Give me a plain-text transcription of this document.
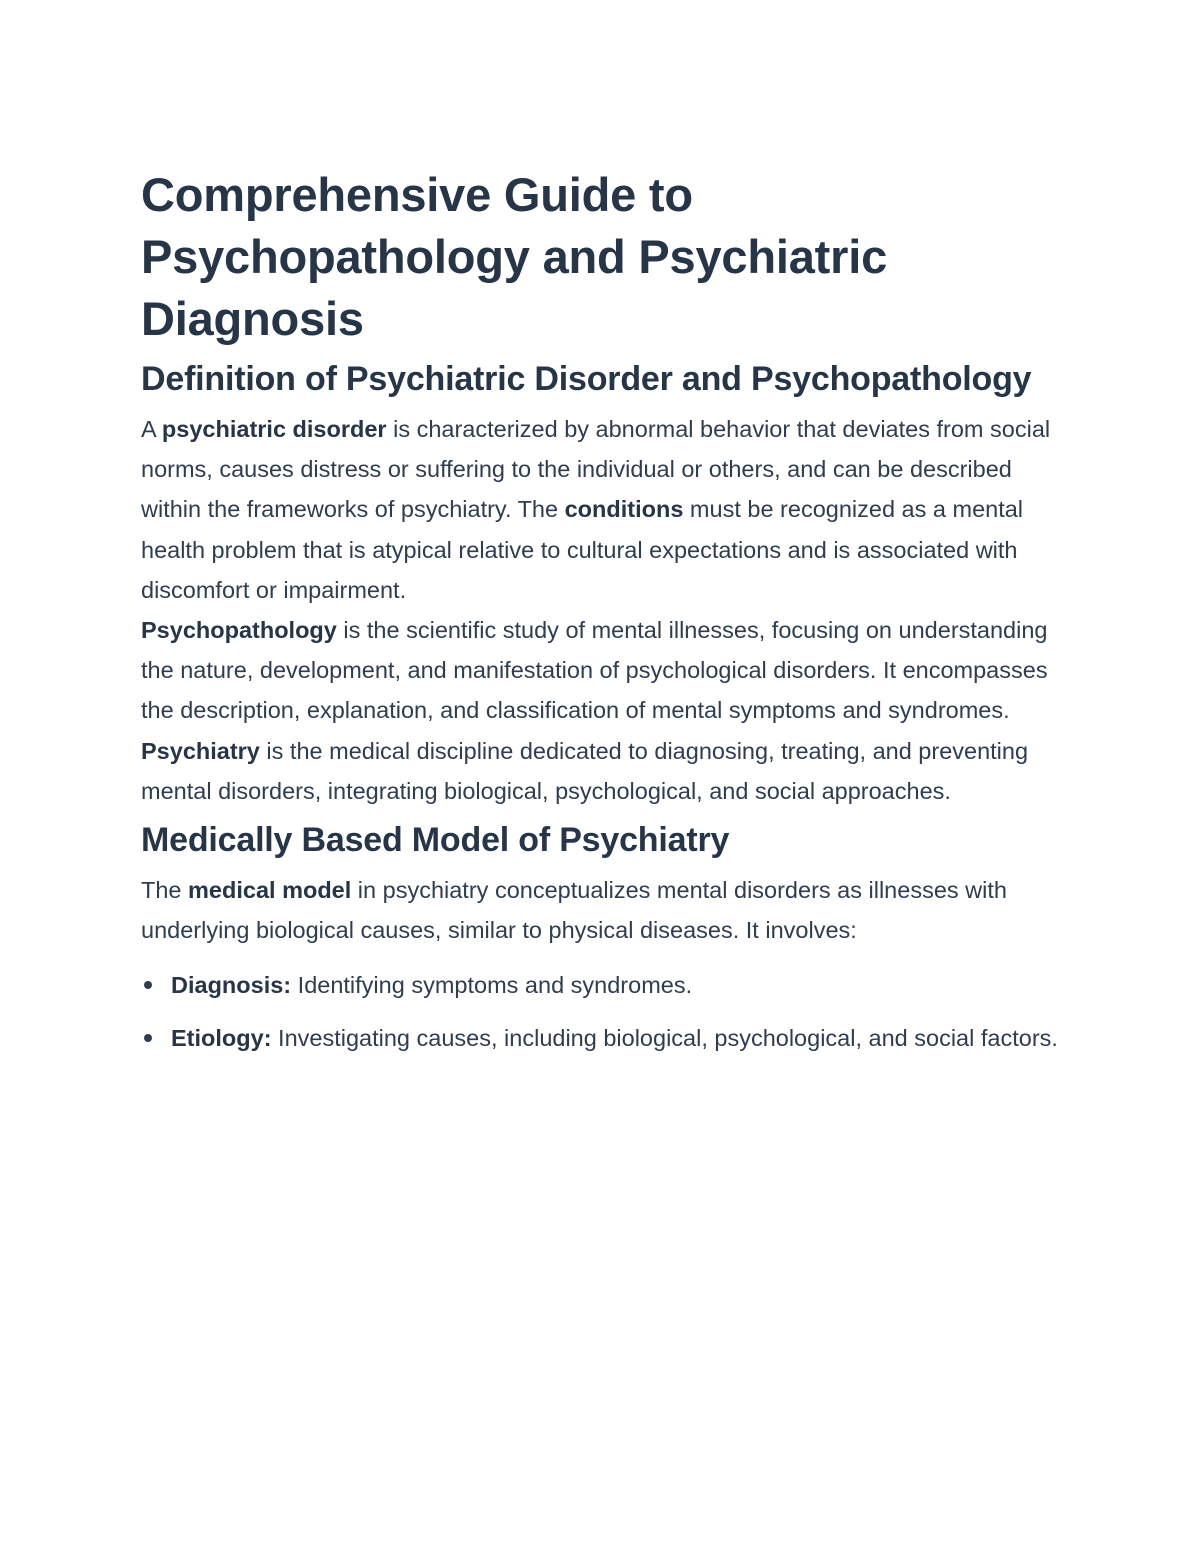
Comprehensive Guide to Psychopathology and Psychiatric Diagnosis
Definition of Psychiatric Disorder and Psychopathology

A psychiatric disorder is characterized by abnormal behavior that deviates from social norms, causes distress or suffering to the individual or others, and can be described within the frameworks of psychiatry. The conditions must be recognized as a mental health problem that is atypical relative to cultural expectations and is associated with discomfort or impairment.

Psychopathology is the scientific study of mental illnesses, focusing on understanding the nature, development, and manifestation of psychological disorders. It encompasses the description, explanation, and classification of mental symptoms and syndromes.

Psychiatry is the medical discipline dedicated to diagnosing, treating, and preventing mental disorders, integrating biological, psychological, and social approaches.

Medically Based Model of Psychiatry

The medical model in psychiatry conceptualizes mental disorders as illnesses with underlying biological causes, similar to physical diseases. It involves:

Diagnosis: Identifying symptoms and syndromes.
Etiology: Investigating causes, including biological, psychological, and social factors.
